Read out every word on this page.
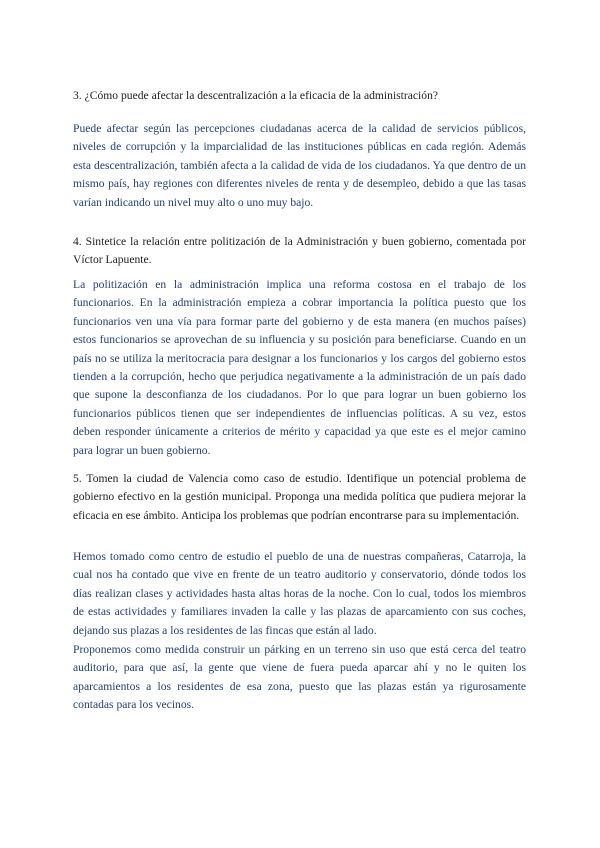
3. ¿Cómo puede afectar la descentralización a la eficacia de la administración?

Puede afectar según las percepciones ciudadanas acerca de la calidad de servicios públicos, niveles de corrupción y la imparcialidad de las instituciones públicas en cada región. Además esta descentralización, también afecta a la calidad de vida de los ciudadanos. Ya que dentro de un mismo país, hay regiones con diferentes niveles de renta y de desempleo, debido a que las tasas varían indicando un nivel muy alto o uno muy bajo.

4. Sintetice la relación entre politización de la Administración y buen gobierno, comentada por Víctor Lapuente.

La politización en la administración implica una reforma costosa en el trabajo de los funcionarios. En la administración empieza a cobrar importancia la política puesto que los funcionarios ven una vía para formar parte del gobierno y de esta manera (en muchos países) estos funcionarios se aprovechan de su influencia y su posición para beneficiarse. Cuando en un país no se utiliza la meritocracia para designar a los funcionarios y los cargos del gobierno estos tienden a la corrupción, hecho que perjudica negativamente a la administración de un país dado que supone la desconfianza de los ciudadanos. Por lo que para lograr un buen gobierno los funcionarios públicos tienen que ser independientes de influencias políticas. A su vez, estos deben responder únicamente a criterios de mérito y capacidad ya que este es el mejor camino para lograr un buen gobierno.

5. Tomen la ciudad de Valencia como caso de estudio. Identifique un potencial problema de gobierno efectivo en la gestión municipal. Proponga una medida política que pudiera mejorar la eficacia en ese ámbito. Anticipa los problemas que podrían encontrarse para su implementación.

Hemos tomado como centro de estudio el pueblo de una de nuestras compañeras, Catarroja, la cual nos ha contado que vive en frente de un teatro auditorio y conservatorio, dónde todos los días realizan clases y actividades hasta altas horas de la noche. Con lo cual, todos los miembros de estas actividades y familiares invaden la calle y las plazas de aparcamiento con sus coches, dejando sus plazas a los residentes de las fincas que están al lado.

Proponemos como medida construir un párking en un terreno sin uso que está cerca del teatro auditorio, para que así, la gente que viene de fuera pueda aparcar ahí y no le quiten los aparcamientos a los residentes de esa zona, puesto que las plazas están ya rigurosamente contadas para los vecinos.
